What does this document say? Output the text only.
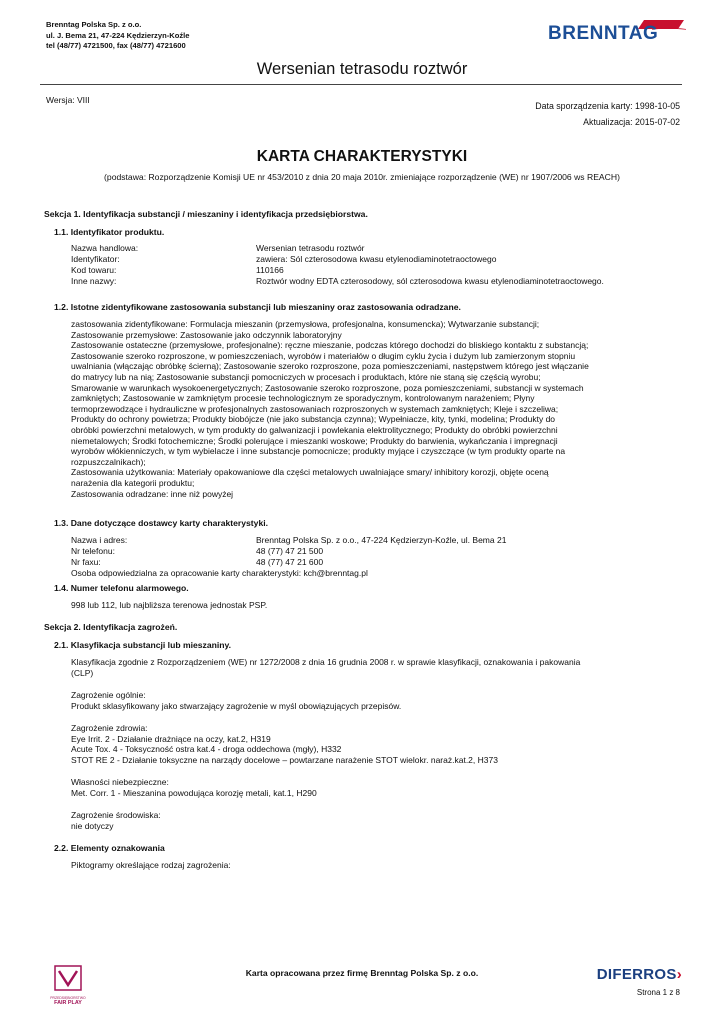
Brenntag Polska Sp. z o.o.
ul. J. Bema 21, 47-224 Kędzierzyn-Koźle
tel (48/77) 4721500, fax (48/77) 4721600
BRENNTAG
Wersenian tetrasodu roztwór
Wersja: VIII
Data sporządzenia karty: 1998-10-05
Aktualizacja: 2015-07-02
KARTA CHARAKTERYSTYKI
(podstawa: Rozporządzenie Komisji UE nr 453/2010 z dnia 20 maja 2010r. zmieniające rozporządzenie (WE) nr 1907/2006 ws REACH)
Sekcja 1. Identyfikacja substancji / mieszaniny i identyfikacja przedsiębiorstwa.
1.1. Identyfikator produktu.
Nazwa handlowa:	Wersenian tetrasodu roztwór
Identyfikator:	zawiera: Sól czterosodowa kwasu etylenodiaminotetraoctowego
Kod towaru:	110166
Inne nazwy:	Roztwór wodny EDTA czterosodowy, sól czterosodowa kwasu etylenodiaminotetraoctowego.
1.2. Istotne zidentyfikowane zastosowania substancji lub mieszaniny oraz zastosowania odradzane.
zastosowania zidentyfikowane: Formulacja mieszanin (przemysłowa, profesjonalna, konsumencka); Wytwarzanie substancji;
Zastosowanie przemysłowe: Zastosowanie jako odczynnik laboratoryjny
Zastosowanie ostateczne (przemysłowe, profesjonalne): ręczne mieszanie, podczas którego dochodzi do bliskiego kontaktu z substancją;
Zastosowanie szeroko rozproszone, w pomieszczeniach, wyrobów i materiałów o długim cyklu życia i dużym lub zamierzonym stopniu
uwalniania (włączając obróbkę ścierną); Zastosowanie szeroko rozproszone, poza pomieszczeniami, następstwem którego jest włączanie
do matrycy lub na nią; Zastosowanie substancji pomocniczych w procesach i produktach, które nie staną się częścią wyrobu;
Smarowanie w warunkach wysokoenergetycznych; Zastosowanie szeroko rozproszone, poza pomieszczeniami, substancji w systemach
zamkniętych; Zastosowanie w zamkniętym procesie technologicznym ze sporadycznym, kontrolowanym narażeniem; Płyny
termoprzewodzące i hydrauliczne w profesjonalnych zastosowaniach rozproszonych w systemach zamkniętych; Kleje i szczeliwa;
Produkty do ochrony powietrza; Produkty biobójcze (nie jako substancja czynna); Wypełniacze, kity, tynki, modelina; Produkty do
obróbki powierzchni metalowych, w tym produkty do galwanizacji i powlekania elektrolitycznego; Produkty do obróbki powierzchni
niemetalowych; Środki fotochemiczne; Środki polerujące i mieszanki woskowe; Produkty do barwienia, wykańczania i impregnacji
wyrobów włókienniczych, w tym wybielacze i inne substancje pomocnicze; produkty myjące i czyszczące (w tym produkty oparte na
rozpuszczalnikach);
Zastosowania użytkowania: Materiały opakowaniowe dla części metalowych uwalniające smary/ inhibitory korozji, objęte oceną
narażenia dla kategorii produktu;
Zastosowania odradzane: inne niż powyżej
1.3. Dane dotyczące dostawcy karty charakterystyki.
Nazwa i adres:	Brenntag Polska Sp. z o.o., 47-224 Kędzierzyn-Koźle, ul. Bema 21
Nr telefonu:	48 (77) 47 21 500
Nr faxu:	48 (77) 47 21 600
Osoba odpowiedzialna za opracowanie karty charakterystyki: kch@brenntag.pl
1.4. Numer telefonu alarmowego.
998 lub 112, lub najbliższa terenowa jednostak PSP.
Sekcja 2. Identyfikacja zagrożeń.
2.1. Klasyfikacja substancji lub mieszaniny.
Klasyfikacja zgodnie z Rozporządzeniem (WE) nr 1272/2008 z dnia 16 grudnia 2008 r. w sprawie klasyfikacji, oznakowania i pakowania
(CLP)
Zagrożenie ogólnie:
Produkt sklasyfikowany jako stwarzający zagrożenie w myśl obowiązujących przepisów.
Zagrożenie zdrowia:
Eye Irrit. 2 - Działanie drażniące na oczy, kat.2, H319
Acute Tox. 4 - Toksyczność ostra kat.4 - droga oddechowa (mgły), H332
STOT RE 2 - Działanie toksyczne na narządy docelowe – powtarzane narażenie STOT wielokr. naraż.kat.2, H373
Własności niebezpieczne:
Met. Corr. 1 - Mieszanina powodująca korozję metali, kat.1, H290
Zagrożenie środowiska:
nie dotyczy
2.2. Elementy oznakowania
Piktogramy określające rodzaj zagrożenia:
PRZEDSIĘBIORSTWO
FAIR PLAY
Karta opracowana przez firmę Brenntag Polska Sp. z o.o.	DIFERROS›
Strona 1 z 8
